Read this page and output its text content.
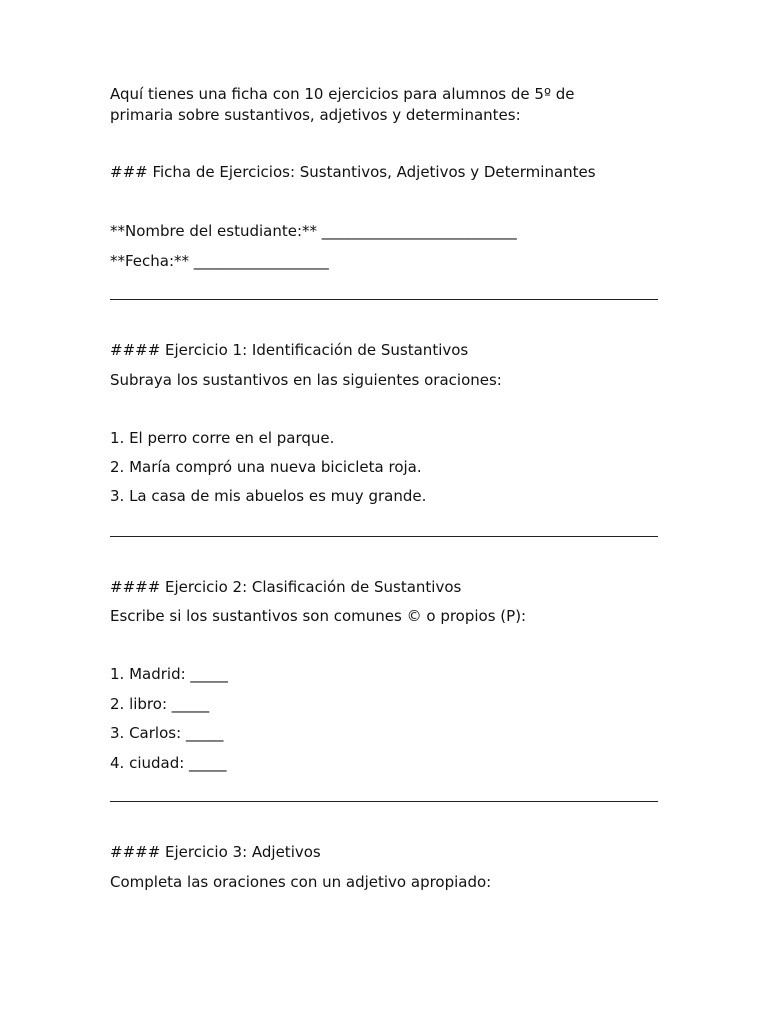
Aquí tienes una ficha con 10 ejercicios para alumnos de 5º de primaria sobre sustantivos, adjetivos y determinantes:
### Ficha de Ejercicios: Sustantivos, Adjetivos y Determinantes
**Nombre del estudiante:** __________________________
**Fecha:** __________________
#### Ejercicio 1: Identificación de Sustantivos
Subraya los sustantivos en las siguientes oraciones:
1. El perro corre en el parque.
2. María compró una nueva bicicleta roja.
3. La casa de mis abuelos es muy grande.
#### Ejercicio 2: Clasificación de Sustantivos
Escribe si los sustantivos son comunes © o propios (P):
1. Madrid: _____
2. libro: _____
3. Carlos: _____
4. ciudad: _____
#### Ejercicio 3: Adjetivos
Completa las oraciones con un adjetivo apropiado:
